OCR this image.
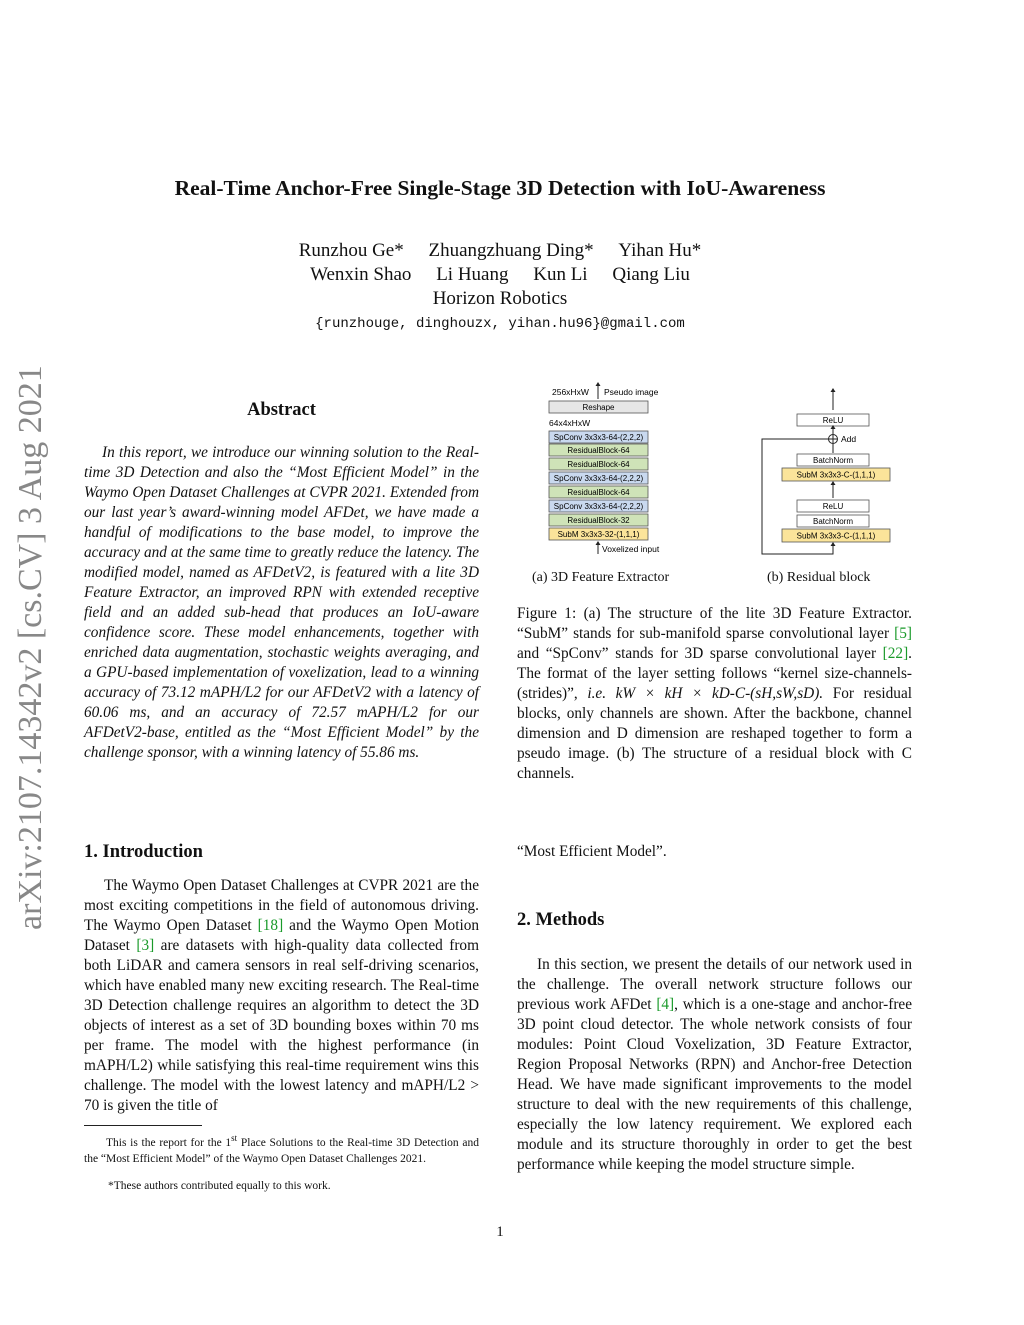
arXiv:2107.14342v2 [cs.CV] 3 Aug 2021
Real-Time Anchor-Free Single-Stage 3D Detection with IoU-Awareness
Runzhou Ge* Zhuangzhuang Ding* Yihan Hu*
Wenxin Shao Li Huang Kun Li Qiang Liu
Horizon Robotics
{runzhouge, dinghouzx, yihan.hu96}@gmail.com
Abstract
In this report, we introduce our winning solution to the Real-time 3D Detection and also the “Most Efficient Model” in the Waymo Open Dataset Challenges at CVPR 2021. Extended from our last year’s award-winning model AFDet, we have made a handful of modifications to the base model, to improve the accuracy and at the same time to greatly reduce the latency. The modified model, named as AFDetV2, is featured with a lite 3D Feature Extractor, an improved RPN with extended receptive field and an added sub-head that produces an IoU-aware confidence score. These model enhancements, together with enriched data augmentation, stochastic weights averaging, and a GPU-based implementation of voxelization, lead to a winning accuracy of 73.12 mAPH/L2 for our AFDetV2 with a latency of 60.06 ms, and an accuracy of 72.57 mAPH/L2 for our AFDetV2-base, entitled as the “Most Efficient Model” by the challenge sponsor, with a winning latency of 55.86 ms.
1. Introduction
The Waymo Open Dataset Challenges at CVPR 2021 are the most exciting competitions in the field of autonomous driving. The Waymo Open Dataset [18] and the Waymo Open Motion Dataset [3] are datasets with high-quality data collected from both LiDAR and camera sensors in real self-driving scenarios, which have enabled many new exciting research. The Real-time 3D Detection challenge requires an algorithm to detect the 3D objects of interest as a set of 3D bounding boxes within 70 ms per frame. The model with the highest performance (in mAPH/L2) while satisfying this real-time requirement wins this challenge. The model with the lowest latency and mAPH/L2 > 70 is given the title of
This is the report for the 1st Place Solutions to the Real-time 3D Detection and the “Most Efficient Model” of the Waymo Open Dataset Challenges 2021.
*These authors contributed equally to this work.
256xHxW Pseudo image
Reshape
64x4xHxW
SpConv 3x3x3-64-(2,2,2)
ResidualBlock-64
ResidualBlock-64
SpConv 3x3x3-64-(2,2,2)
ResidualBlock-64
SpConv 3x3x3-64-(2,2,2)
ResidualBlock-32
SubM 3x3x3-32-(1,1,1)
Voxelized input
ReLU
Add
BatchNorm
SubM 3x3x3-C-(1,1,1)
ReLU
BatchNorm
SubM 3x3x3-C-(1,1,1)
(a) 3D Feature Extractor	(b) Residual block
Figure 1: (a) The structure of the lite 3D Feature Extractor. “SubM” stands for sub-manifold sparse convolutional layer [5] and “SpConv” stands for 3D sparse convolutional layer [22]. The format of the layer setting follows “kernel size-channels-(strides)”, i.e. kW × kH × kD-C-(sH,sW,sD). For residual blocks, only channels are shown. After the backbone, channel dimension and D dimension are reshaped together to form a pseudo image. (b) The structure of a residual block with C channels.
“Most Efficient Model”.
2. Methods
In this section, we present the details of our network used in the challenge. The overall network structure follows our previous work AFDet [4], which is a one-stage and anchor-free 3D point cloud detector. The whole network consists of four modules: Point Cloud Voxelization, 3D Feature Extractor, Region Proposal Networks (RPN) and Anchor-free Detection Head. We have made significant improvements to the model structure to deal with the new requirements of this challenge, especially the low latency requirement. We explored each module and its structure thoroughly in order to get the best performance while keeping the model structure simple.
1
